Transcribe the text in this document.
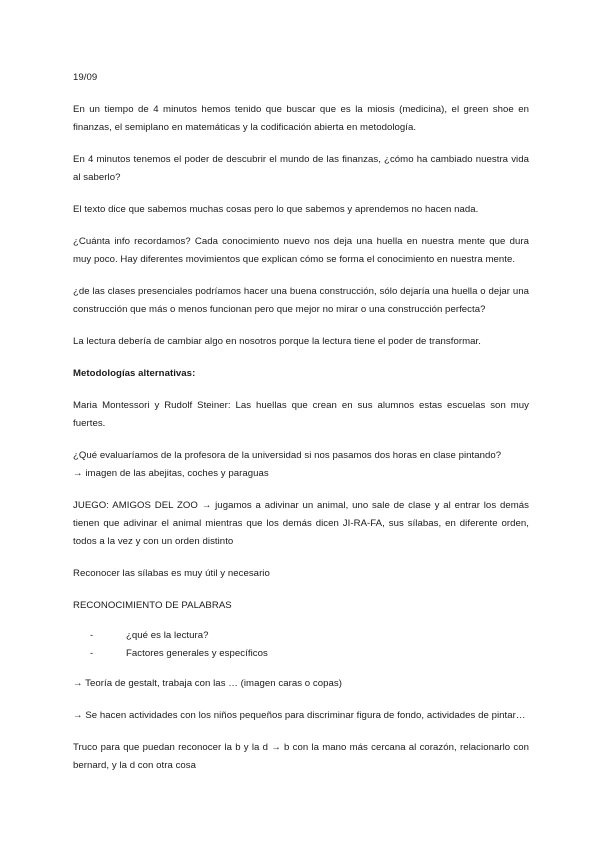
19/09
En un tiempo de 4 minutos hemos tenido que buscar que es la miosis (medicina), el green shoe en finanzas, el semiplano en matemáticas y la codificación abierta en metodología.
En 4 minutos tenemos el poder de descubrir el mundo de las finanzas, ¿cómo ha cambiado nuestra vida al saberlo?
El texto dice que sabemos muchas cosas pero lo que sabemos y aprendemos no hacen nada.
¿Cuánta info recordamos? Cada conocimiento nuevo nos deja una huella en nuestra mente que dura muy poco. Hay diferentes movimientos que explican cómo se forma el conocimiento en nuestra mente.
¿de las clases presenciales podríamos hacer una buena construcción, sólo dejaría una huella o dejar una construcción que más o menos funcionan pero que mejor no mirar o una construcción perfecta?
La lectura debería de cambiar algo en nosotros porque la lectura tiene el poder de transformar.
Metodologías alternativas:
Maria Montessori y Rudolf Steiner: Las huellas que crean en sus alumnos estas escuelas son muy fuertes.
¿Qué evaluaríamos de la profesora de la universidad si nos pasamos dos horas en clase pintando?
→ imagen de las abejitas, coches y paraguas
JUEGO: AMIGOS DEL ZOO → jugamos a adivinar un animal, uno sale de clase y al entrar los demás tienen que adivinar el animal mientras que los demás dicen JI-RA-FA, sus sílabas, en diferente orden, todos a la vez y con un orden distinto
Reconocer las sílabas es muy útil y necesario
RECONOCIMIENTO DE PALABRAS
-	¿qué es la lectura?
-	Factores generales y específicos
→ Teoría de gestalt, trabaja con las … (imagen caras o copas)
→ Se hacen actividades con los niños pequeños para discriminar figura de fondo, actividades de pintar…
Truco para que puedan reconocer la b y la d → b con la mano más cercana al corazón, relacionarlo con bernard, y la d con otra cosa
